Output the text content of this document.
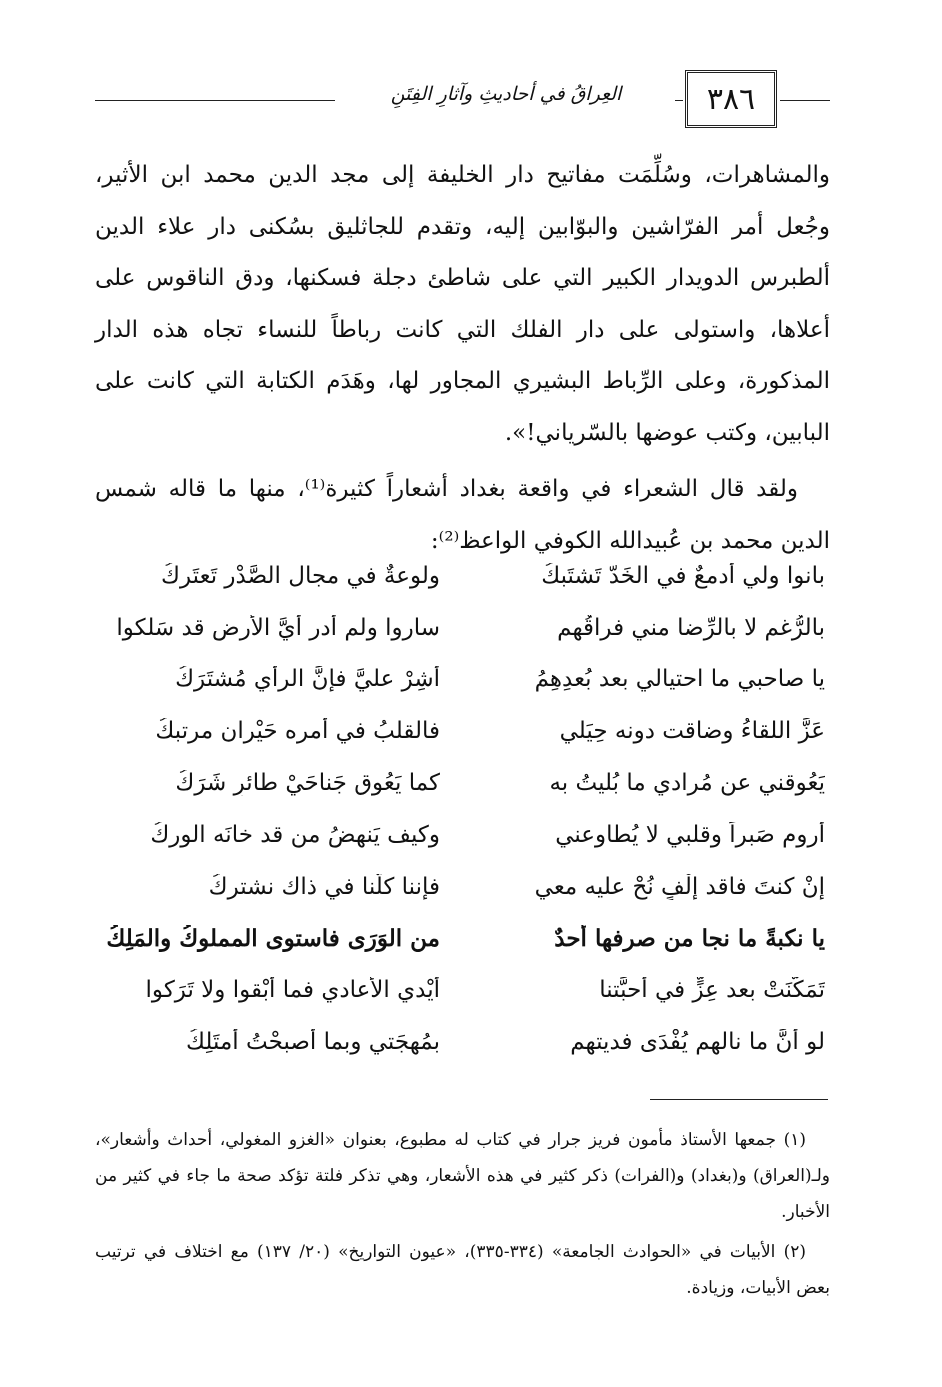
العِراقُ في أحاديثِ وآثارِ الفِتَنِ	٣٨٦

والمشاهرات، وسُلِّمَت مفاتيح دار الخليفة إلى مجد الدين محمد ابن الأثير، وجُعل أمر الفرّاشين والبوّابين إليه، وتقدم للجاثليق بسُكنى دار علاء الدين ألطبرس الدويدار الكبير التي على شاطئ دجلة فسكنها، ودق الناقوس على أعلاها، واستولى على دار الفلك التي كانت رباطاً للنساء تجاه هذه الدار المذكورة، وعلى الرِّباط البشيري المجاور لها، وهَدَم الكتابة التي كانت على البابين، وكتب عوضها بالسّرياني!».

ولقد قال الشعراء في واقعة بغداد أشعاراً كثيرة⁽¹⁾، منها ما قاله شمس الدين محمد بن عُبيدالله الكوفي الواعظ⁽²⁾:

بانوا ولي أدمعٌ في الخَدّ تَشتَبكُ
ولوعةٌ في مجال الصَّدْر تَعتَرِكُ
بالرُّغم لا بالرِّضا مني فراقُهم
ساروا ولم أدر أيَّ الأرض قد سَلكوا
يا صاحبي ما احتيالي بعد بُعدِهِمُ
أشِرْ عليَّ فإنَّ الرأي مُشتَرَكُ
عَزَّ اللقاءُ وضاقت دونه حِيَلي
فالقلبُ في أمره حَيْران مرتبكُ
يَعُوقني عن مُرادي ما بُليتُ به
كما يَعُوق جَناحَيْ طائرٍ شَرَكُ
أروم صَبراً وقلبي لا يُطاوعني
وكيف يَنهضُ من قد خانَه الوركُ
إنْ كنتَ فاقد إلْفٍ نُحْ عليه معي
فإننا كلُّنا في ذاك نشتركُ
يا نكبةً ما نجا من صرفها أحدٌ
من الوَرَى فاستوى المملوكُ والمَلِكُ
تَمَكَّنَتْ بعد عِزٍّ في أحبَّتنا
أيْدي الأعادي فما أبْقوا ولا تَرَكوا
لو أنَّ ما نالهم يُفْدَى فديتهم
بمُهجَتي وبما أصبحْتُ أمتَلِكُ

(١) جمعها الأستاذ مأمون فريز جرار في كتاب له مطبوع، بعنوان «الغزو المغولي، أحداث وأشعار»، ولـ(العراق) و(بغداد) و(الفرات) ذكر كثير في هذه الأشعار، وهي تذكر فلتة تؤكد صحة ما جاء في كثير من الأخبار.

(٢) الأبيات في «الحوادث الجامعة» (٣٣٤-٣٣٥)، «عيون التواريخ» (٢٠/ ١٣٧) مع اختلاف في ترتيب بعض الأبيات، وزيادة.
